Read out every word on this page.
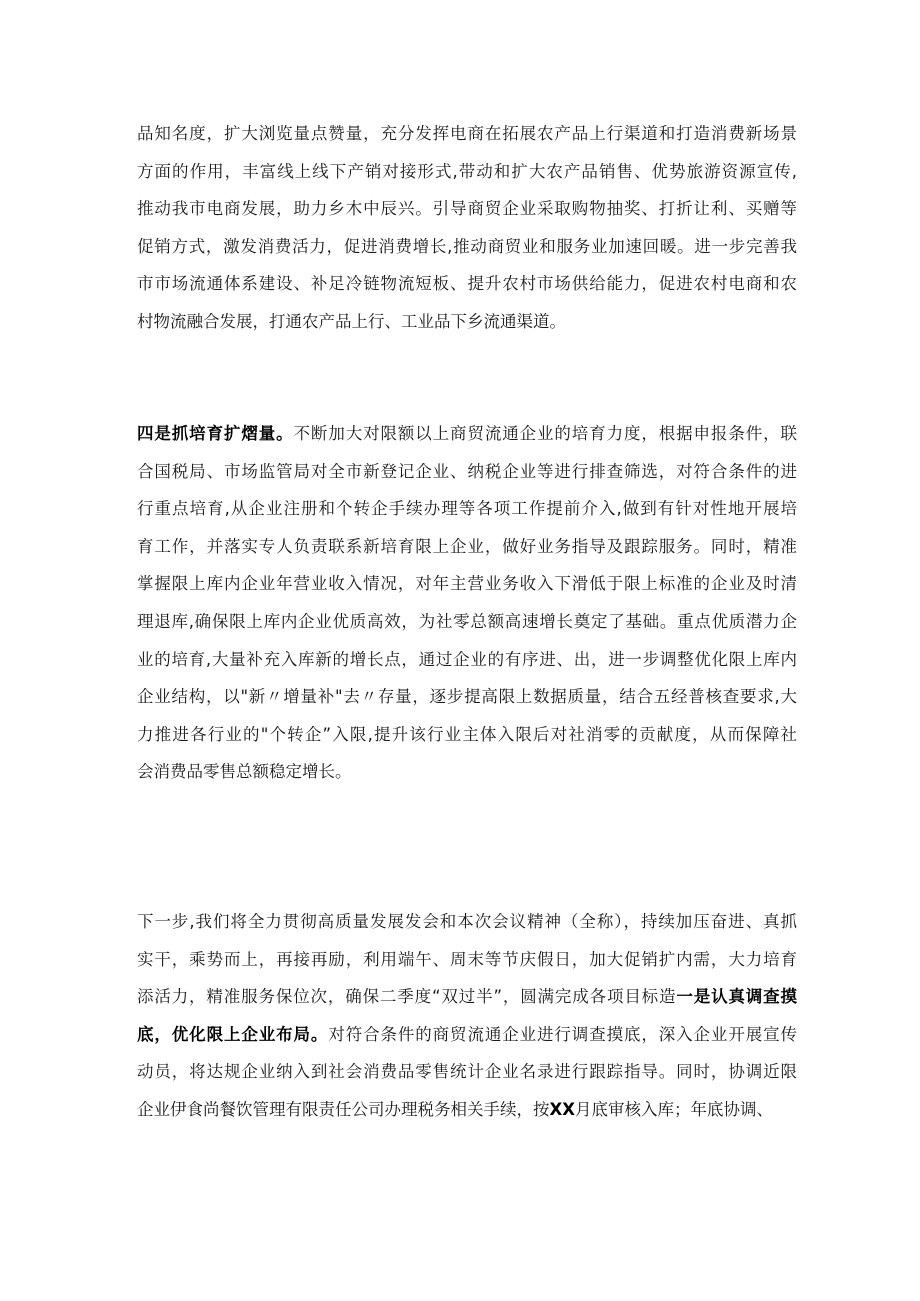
品知名度，扩大浏览量点赞量，充分发挥电商在拓展农产品上行渠道和打造消费新场景
方面的作用，丰富线上线下产销对接形式,带动和扩大农产品销售、优势旅游资源宣传,
推动我市电商发展，助力乡木中辰兴。引导商贸企业采取购物抽奖、打折让利、买赠等
促销方式，激发消费活力，促进消费增长,推动商贸业和服务业加速回暖。进一步完善我
市市场流通体系建设、补足冷链物流短板、提升农村市场供给能力，促进农村电商和农
村物流融合发展，打通农产品上行、工业品下乡流通渠道。
四是抓培育扩熠量。不断加大对限额以上商贸流通企业的培育力度，根据申报条件，联
合国税局、市场监管局对全市新登记企业、纳税企业等进行排查筛选，对符合条件的进
行重点培育,从企业注册和个转企手续办理等各项工作提前介入,做到有针对性地开展培
育工作，并落实专人负责联系新培育限上企业，做好业务指导及跟踪服务。同时，精准
掌握限上库内企业年营业收入情况，对年主营业务收入下滑低于限上标准的企业及时清
理退库,确保限上库内企业优质高效，为社零总额高速增长奠定了基础。重点优质潜力企
业的培育,大量补充入库新的增长点，通过企业的有序进、出，进一步调整优化限上库内
企业结构，以"新〃增量补"去〃存量，逐步提高限上数据质量，结合五经普核查要求,大
力推进各行业的"个转企”入限,提升该行业主体入限后对社消零的贡献度，从而保障社
会消费品零售总额稳定增长。
下一步,我们将全力贯彻高质量发展发会和本次会议精神（全称），持续加压奋进、真抓
实干，乘势而上，再接再励，利用端午、周末等节庆假日，加大促销扩内需，大力培育
添活力，精准服务保位次，确保二季度“双过半”，圆满完成各项目标造一是认真调查摸
底，优化限上企业布局。对符合条件的商贸流通企业进行调查摸底，深入企业开展宣传
动员，将达规企业纳入到社会消费品零售统计企业名录进行跟踪指导。同时，协调近限
企业伊食尚餐饮管理有限责任公司办理税务相关手续，按XX月底审核入库；年底协调、
